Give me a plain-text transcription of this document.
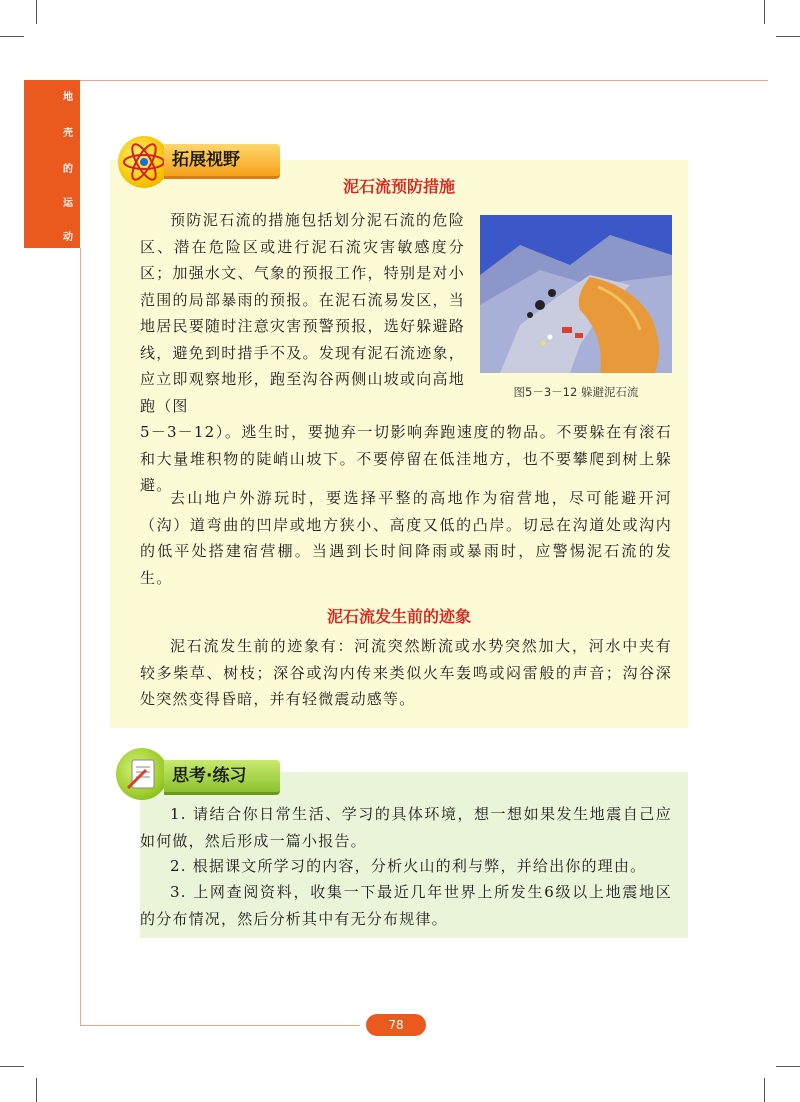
地
壳
的
运
动
拓展视野
泥石流预防措施

预防泥石流的措施包括划分泥石流的危险区、潜在危险区或进行泥石流灾害敏感度分区；加强水文、气象的预报工作，特别是对小范围的局部暴雨的预报。在泥石流易发区，当地居民要随时注意灾害预警预报，选好躲避路线，避免到时措手不及。发现有泥石流迹象，应立即观察地形，跑至沟谷两侧山坡或向高地跑（图

图5－3－12 躲避泥石流

5－3－12）。逃生时，要抛弃一切影响奔跑速度的物品。不要躲在有滚石和大量堆积物的陡峭山坡下。不要停留在低洼地方，也不要攀爬到树上躲避。

去山地户外游玩时，要选择平整的高地作为宿营地，尽可能避开河（沟）道弯曲的凹岸或地方狭小、高度又低的凸岸。切忌在沟道处或沟内的低平处搭建宿营棚。当遇到长时间降雨或暴雨时，应警惕泥石流的发生。

泥石流发生前的迹象

泥石流发生前的迹象有：河流突然断流或水势突然加大，河水中夹有较多柴草、树枝；深谷或沟内传来类似火车轰鸣或闷雷般的声音；沟谷深处突然变得昏暗，并有轻微震动感等。

思考·练习

1. 请结合你日常生活、学习的具体环境，想一想如果发生地震自己应如何做，然后形成一篇小报告。

2. 根据课文所学习的内容，分析火山的利与弊，并给出你的理由。

3. 上网查阅资料，收集一下最近几年世界上所发生6级以上地震地区的分布情况，然后分析其中有无分布规律。

78
